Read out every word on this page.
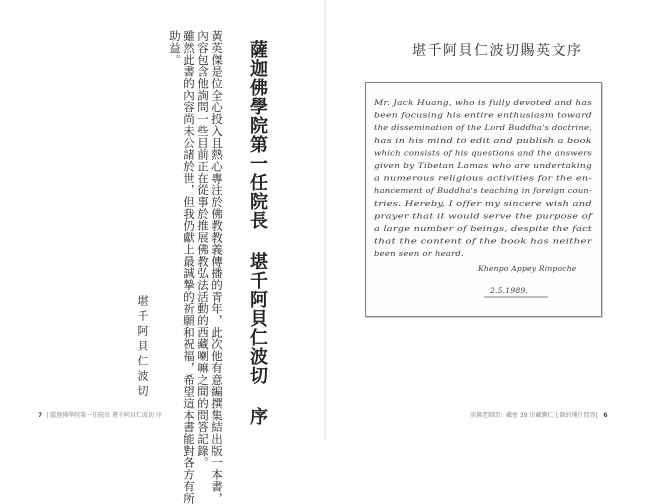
薩迦佛學院第一任院長 堪千阿貝仁波切 序
黃英傑是位全心投入且熱心專注於佛教教義傳播的青年，此次他有意編撰集結出版一本書，
內容包含他詢問一些目前正在從事於推展佛教弘法活動的西藏喇嘛之間的問答記錄。
雖然此書的內容尚未公諸於世，但我仍獻上最誠摯的祈願和祝福，希望這本書能對各方有所
助益。
堪千阿貝仁波切
7 | 薩迦佛學院第一任院長 堪千阿貝仁波切 序
堪千阿貝仁波切賜英文序
Mr. Jack Huang, who is fully devoted and has
been focusing his entire enthusiasm toward
the dissemination of the Lord Buddha's doctrine,
has in his mind to edit and publish a book
which consists of his questions and the answers
given by Tibetan Lamas who are undertaking
a numerous religious activities for the en-
hancement of Buddha's teaching in foreign coun-
tries. Hereby, I offer my sincere wish and
prayer that it would serve the purpose of
a large number of beings, despite the fact
that the content of the book has neither
been seen or heard.
Khenpo Appey Rinpoche
2.5.1989.
活佛老師問：藏密 39 位藏寶仁上師的懂仕問答| 6
